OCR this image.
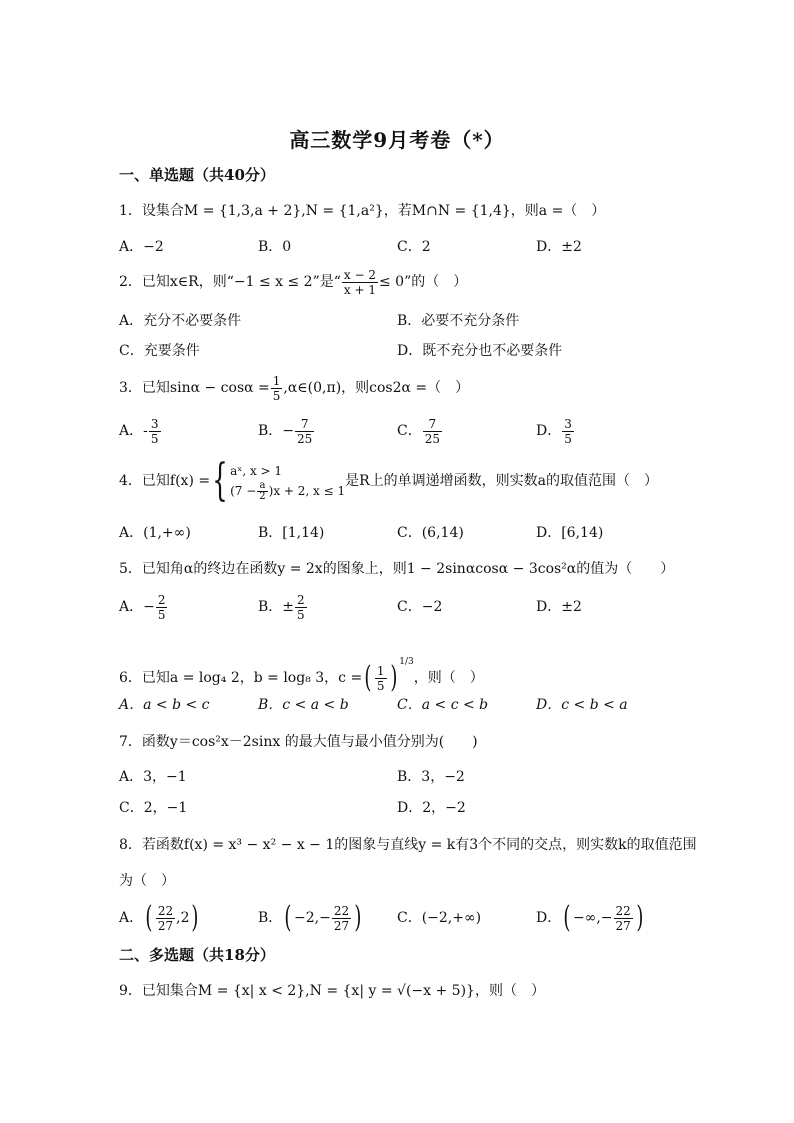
高三数学9月考卷（*）
一、单选题（共40分）
1．设集合M = {1,3,a + 2},N = {1,a²}，若M∩N = {1,4}，则a =（　）
A．−2	B．0	C．2	D．±2
2．已知x∈R，则“−1 ≤ x ≤ 2”是“ $\frac{x - 2}{x + 1} \le 0$”的（　）
A．充分不必要条件	B．必要不充分条件
C．充要条件	D．既不充分也不必要条件
3．已知$\sin\alpha - \cos\alpha = \frac{1}{5}$ ,α∈(0,π)，则cos2α =（　）
A．- $\frac{3}{5}$	B．− $\frac{7}{25}$	C． $\frac{7}{25}$	D． $\frac{3}{5}$
4．已知f(x) ={ aˣ, x > 1
$(7 - \frac{a}{2} )x + 2$, x ≤ 1
是R上的单调递增函数，则实数a的取值范围（　）
A．(1,+∞)	B．[1,14)	C．(6,14)	D．[6,14)
5．已知角α的终边在函数y = 2x的图象上，则1 − 2sinαcosα − 3cos²α的值为（　　）
A．− $\frac{2}{5}$	B．± $\frac{2}{5}$	C．−2	D．±2
6．已知a = log₄ 2，b = log₈ 3，c =( $\frac{1}{5}$ ) $^{1/3}$，则（　）
A．a < b < c	B．c < a < b	C．a < c < b	D．c < b < a
7．函数y＝cos²x－2sinx 的最大值与最小值分别为(　　)
A．3，−1	B．3，−2
C．2，−1	D．2，−2
8．若函数f(x) = x³ − x² − x − 1的图象与直线y = k有3个不同的交点，则实数k的取值范围
为（　）
A．( $\frac{22}{27} ,2$)	B．( $-2,- \frac{22}{27}$ )	C．(−2,+∞)	D．( −∞,− $\frac{22}{27}$ )
二、多选题（共18分）
9．已知集合M = {x| x < 2},N = {x| y = √(−x + 5)}，则（　）
